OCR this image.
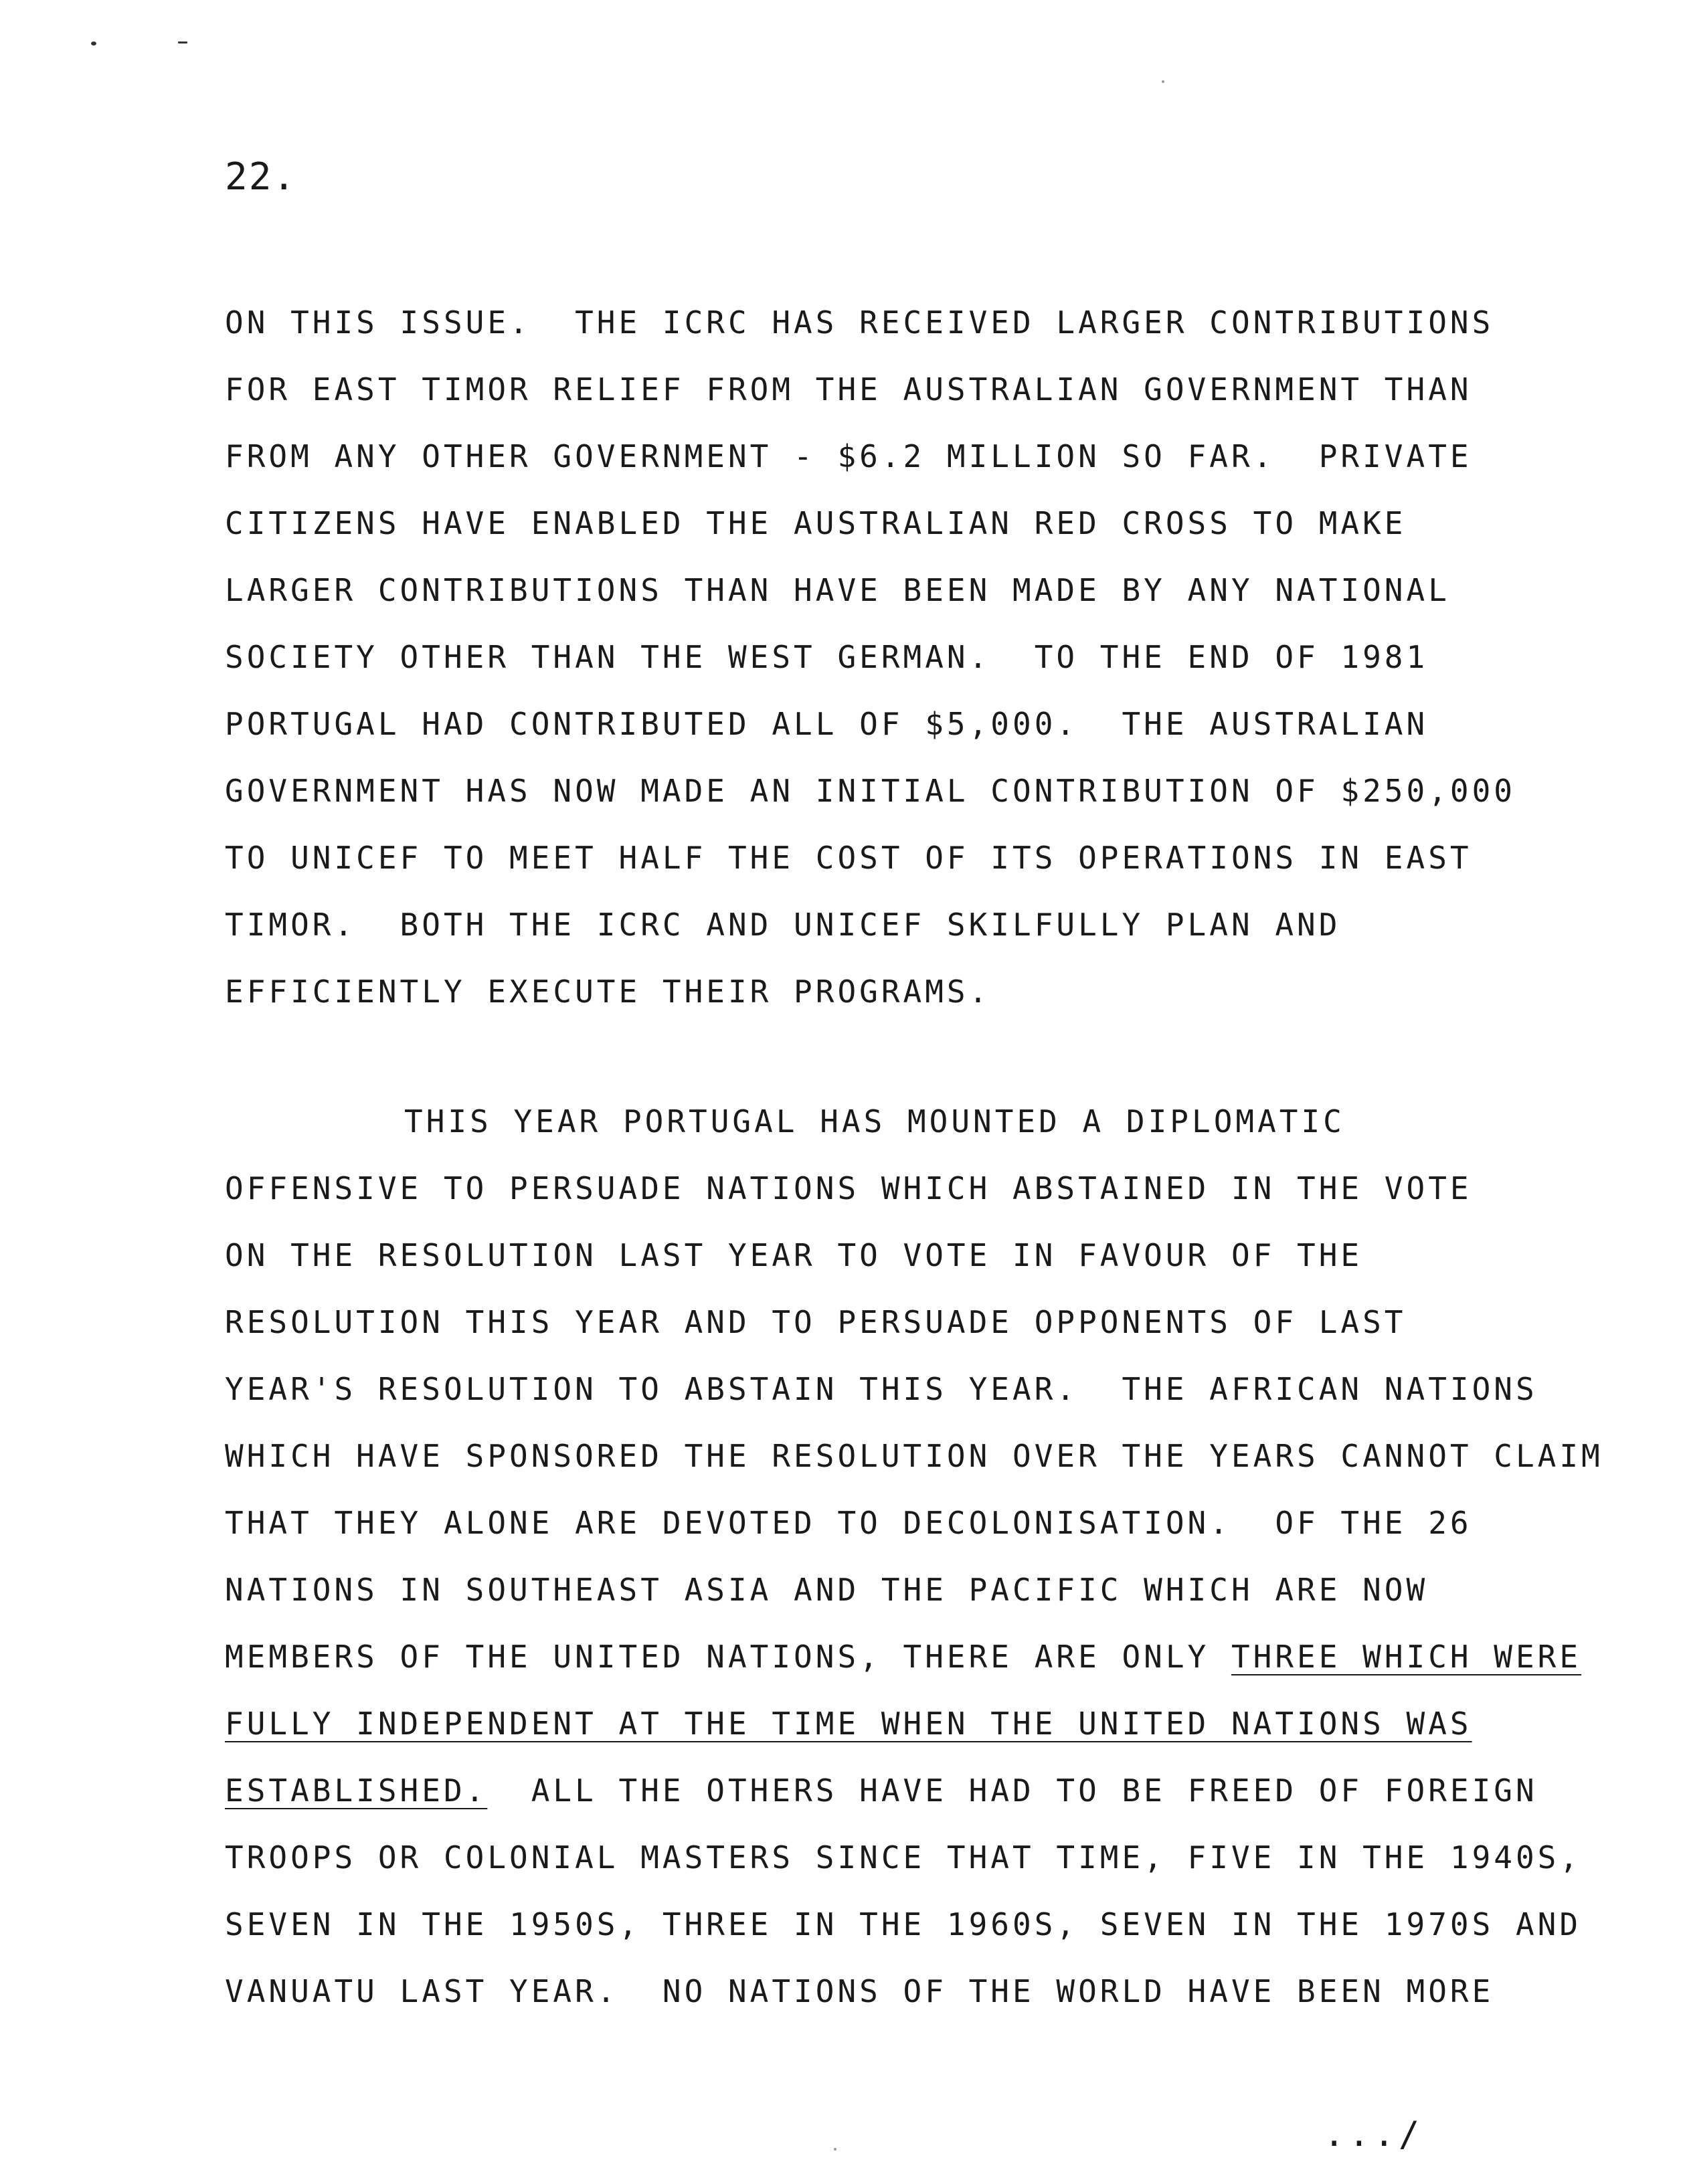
22.
ON THIS ISSUE.  THE ICRC HAS RECEIVED LARGER CONTRIBUTIONS
FOR EAST TIMOR RELIEF FROM THE AUSTRALIAN GOVERNMENT THAN
FROM ANY OTHER GOVERNMENT - $6.2 MILLION SO FAR.  PRIVATE
CITIZENS HAVE ENABLED THE AUSTRALIAN RED CROSS TO MAKE
LARGER CONTRIBUTIONS THAN HAVE BEEN MADE BY ANY NATIONAL
SOCIETY OTHER THAN THE WEST GERMAN.  TO THE END OF 1981
PORTUGAL HAD CONTRIBUTED ALL OF $5,000.  THE AUSTRALIAN
GOVERNMENT HAS NOW MADE AN INITIAL CONTRIBUTION OF $250,000
TO UNICEF TO MEET HALF THE COST OF ITS OPERATIONS IN EAST
TIMOR.  BOTH THE ICRC AND UNICEF SKILFULLY PLAN AND
EFFICIENTLY EXECUTE THEIR PROGRAMS.
THIS YEAR PORTUGAL HAS MOUNTED A DIPLOMATIC
OFFENSIVE TO PERSUADE NATIONS WHICH ABSTAINED IN THE VOTE
ON THE RESOLUTION LAST YEAR TO VOTE IN FAVOUR OF THE
RESOLUTION THIS YEAR AND TO PERSUADE OPPONENTS OF LAST
YEAR'S RESOLUTION TO ABSTAIN THIS YEAR.  THE AFRICAN NATIONS
WHICH HAVE SPONSORED THE RESOLUTION OVER THE YEARS CANNOT CLAIM
THAT THEY ALONE ARE DEVOTED TO DECOLONISATION.  OF THE 26
NATIONS IN SOUTHEAST ASIA AND THE PACIFIC WHICH ARE NOW
MEMBERS OF THE UNITED NATIONS, THERE ARE ONLY THREE WHICH WERE
FULLY INDEPENDENT AT THE TIME WHEN THE UNITED NATIONS WAS
ESTABLISHED.  ALL THE OTHERS HAVE HAD TO BE FREED OF FOREIGN
TROOPS OR COLONIAL MASTERS SINCE THAT TIME, FIVE IN THE 1940S,
SEVEN IN THE 1950S, THREE IN THE 1960S, SEVEN IN THE 1970S AND
VANUATU LAST YEAR.  NO NATIONS OF THE WORLD HAVE BEEN MORE
.../
